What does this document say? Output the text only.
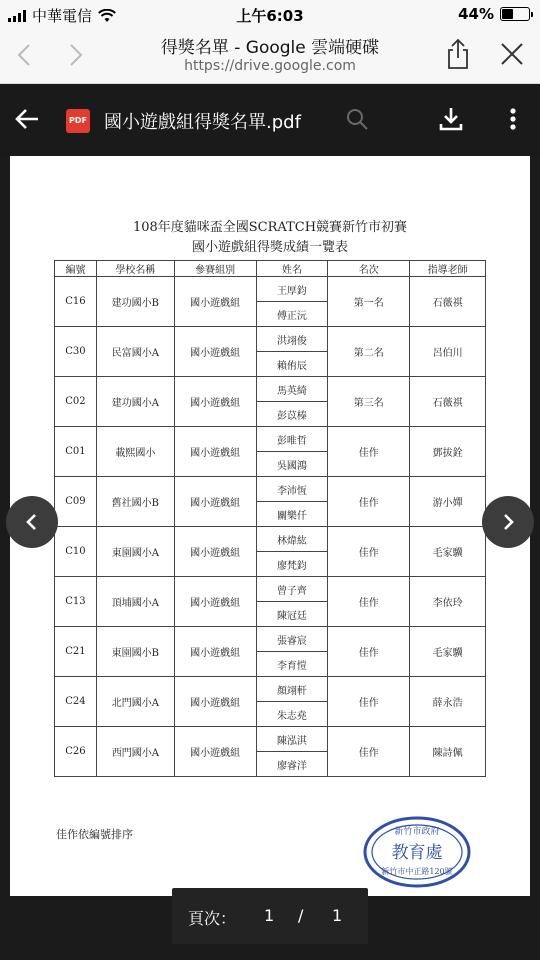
中華電信	上午6:03	44%
得獎名單 - Google 雲端硬碟
https://drive.google.com
PDF 國小遊戲組得獎名單.pdf
108年度貓咪盃全國SCRATCH競賽新竹市初賽
國小遊戲組得獎成績一覽表
編號	學校名稱	參賽組別	姓名	名次	指導老師
C16	建功國小B	國小遊戲組	王厚鈞	第一名	石薇祺
			傅正沅		
C30	民富國小A	國小遊戲組	洪翊俊	第二名	呂伯川
			賴侑辰		
C02	建功國小A	國小遊戲組	馬英綺	第三名	石薇祺
			彭苡榛		
C01	載熙國小	國小遊戲組	彭唯哲	佳作	鄧拔銓
			吳國鴻		
C09	舊社國小B	國小遊戲組	李沛恆	佳作	游小嬋
			關樂仟		
C10	東園國小A	國小遊戲組	林煒紘	佳作	毛家驥
			廖梵鈞		
C13	頂埔國小A	國小遊戲組	曾子齊	佳作	李依玲
			陳冠廷		
C21	東園國小B	國小遊戲組	張睿宸	佳作	毛家驥
			李育愷		
C24	北門國小A	國小遊戲組	顏翊軒	佳作	薛永浩
			朱志堯		
C26	西門國小A	國小遊戲組	陳泓淇	佳作	陳詩佩
			廖睿洋		
佳作依編號排序	新竹市政府
教育處
新竹市中正路120號
頁次： 1 / 1
